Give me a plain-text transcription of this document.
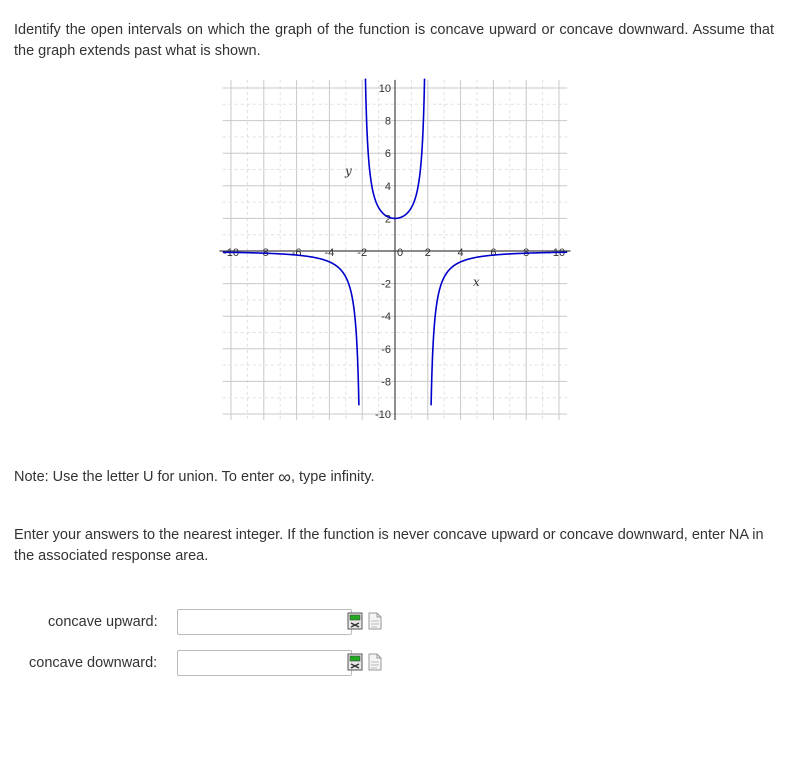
Identify the open intervals on which the graph of the function is concave upward or concave downward. Assume that the graph extends past what is shown.
-10 -8 -6 -4 -2	0 2 4 6 8 10
2
4
6
8
10
-2
-4
-6
-8
-10
y
x
Note: Use the letter U for union. To enter ∞, type infinity.
Enter your answers to the nearest integer. If the function is never concave upward or concave downward, enter NA in the associated response area.
concave upward:
concave downward:
